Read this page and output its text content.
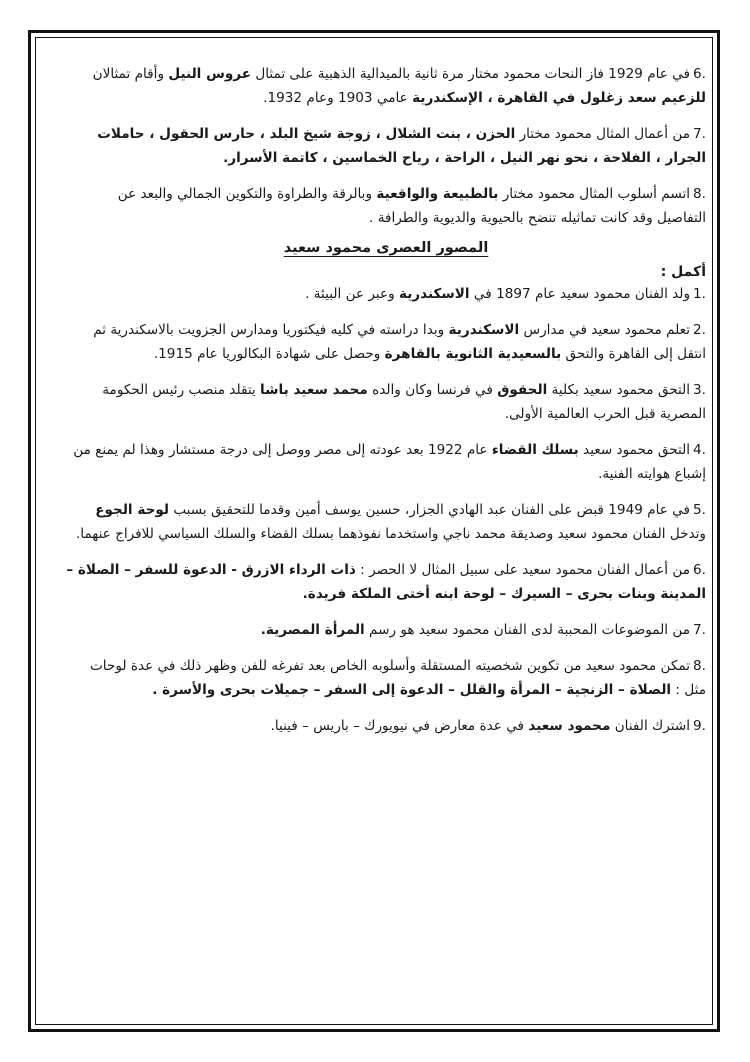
.6في عام 1929 فاز النحات محمود مختار مرة ثانية بالميدالية الذهبية على تمثال عروس النيل وأقام تمثالان للزعيم سعد زغلول في القاهرة ، الإسكندرية عامي 1903 وعام 1932.

.7من أعمال المثال محمود مختار الحزن ، بنت الشلال ، زوجة شيخ البلد ، حارس الحقول ، حاملات الجرار ، الفلاحة ، نحو نهر النيل ، الراحة ، رياح الخماسين ، كاتمة الأسرار.

.8اتسم أسلوب المثال محمود مختار بالطبيعة والواقعية وبالرقة والطراوة والتكوين الجمالي والبعد عن التفاصيل وقد كانت تماثيله تنضح بالحيوية والديوية والطرافة .

المصور العصرى محمود سعيد

أكمل :

.1ولد الفنان محمود سعيد عام 1897 في الاسكندرية وعبر عن البيئة .

.2تعلم محمود سعيد في مدارس الاسكندرية وبدا دراسته في كليه فيكتوريا ومدارس الجزويت بالاسكندرية ثم انتقل إلى القاهرة والتحق بالسعيدية الثانوية بالقاهرة وحصل على شهادة البكالوريا عام 1915.

.3التحق محمود سعيد بكلية الحقوق في فرنسا وكان والده محمد سعيد باشا يتقلد منصب رئيس الحكومة المصرية قبل الحرب العالمية الأولى.

.4التحق محمود سعيد بسلك القضاء عام 1922 بعد عودته إلى مصر ووصل إلى درجة مستشار وهذا لم يمنع من إشباع هوايته الفنية.

.5في عام 1949 قبض على الفنان عبد الهادي الجزار، حسين يوسف أمين وقدما للتحقيق بسبب لوحة الجوع وتدخل الفنان محمود سعيد وصديقة محمد ناجي واستخدما نفوذهما بسلك القضاء والسلك السياسي للافراج عنهما.

.6من أعمال الفنان محمود سعيد على سبيل المثال لا الحصر : ذات الرداء الازرق - الدعوة للسفر – الصلاة – المدينة وبنات بحرى – السيرك – لوحة ابنه أختى الملكة فريدة.

.7من الموضوعات المحببة لدى الفنان محمود سعيد هو رسم المرأة المصرية.

.8تمكن محمود سعيد من تكوين شخصيته المستقلة وأسلوبه الخاص بعد تفرغه للفن وظهر ذلك في عدة لوحات مثل : الصلاة – الزنجية – المرأة والقلل – الدعوة إلى السفر – جميلات بحرى والأسرة .

.9اشترك الفنان محمود سعيد في عدة معارض في نيويورك – باريس – فينيا.
